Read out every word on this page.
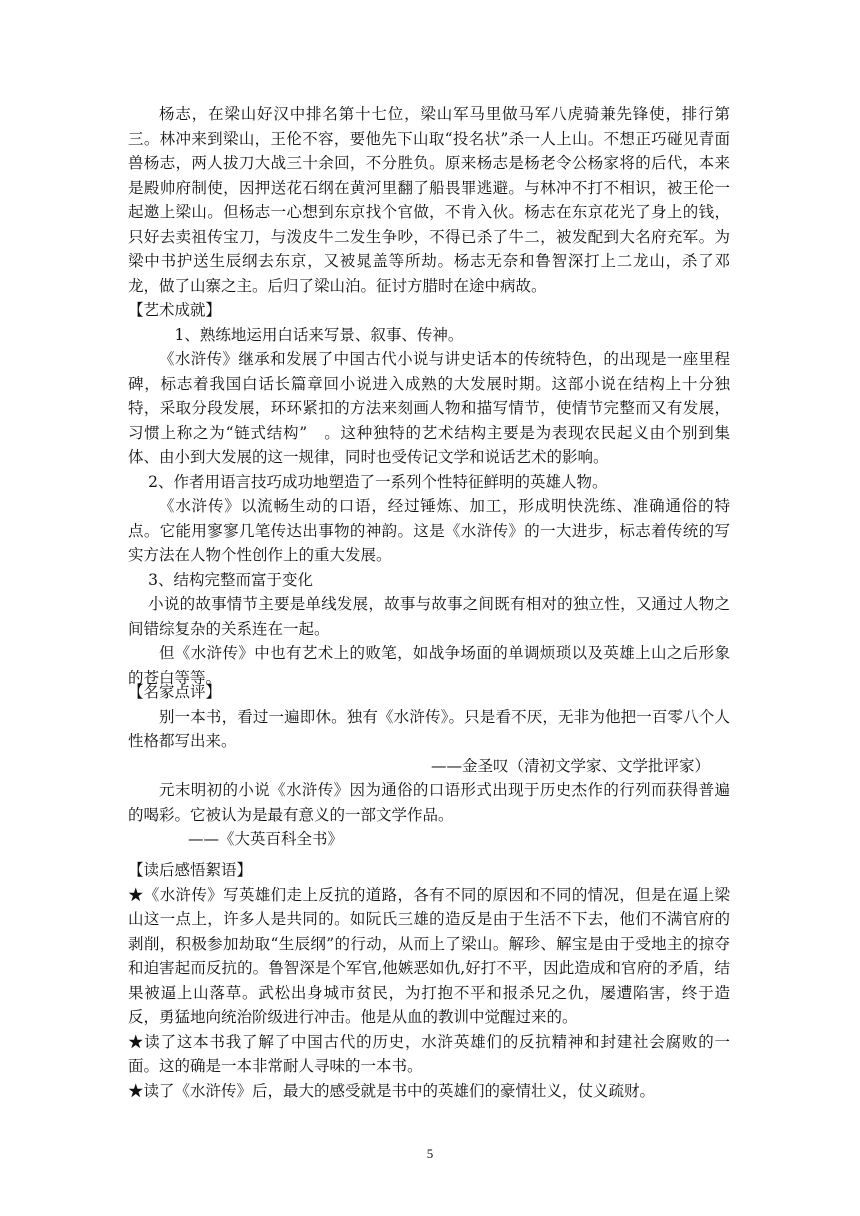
杨志，在梁山好汉中排名第十七位，梁山军马里做马军八虎骑兼先锋使，排行第三。林冲来到梁山，王伦不容，要他先下山取“投名状”杀一人上山。不想正巧碰见青面兽杨志，两人拔刀大战三十余回，不分胜负。原来杨志是杨老令公杨家将的后代，本来是殿帅府制使，因押送花石纲在黄河里翻了船畏罪逃避。与林冲不打不相识，被王伦一起邀上梁山。但杨志一心想到东京找个官做，不肯入伙。杨志在东京花光了身上的钱，只好去卖祖传宝刀，与泼皮牛二发生争吵，不得已杀了牛二，被发配到大名府充军。为梁中书护送生辰纲去东京，又被晁盖等所劫。杨志无奈和鲁智深打上二龙山，杀了邓龙，做了山寨之主。后归了梁山泊。征讨方腊时在途中病故。

【艺术成就】

1、熟练地运用白话来写景、叙事、传神。

《水浒传》继承和发展了中国古代小说与讲史话本的传统特色，的出现是一座里程碑，标志着我国白话长篇章回小说进入成熟的大发展时期。这部小说在结构上十分独特，采取分段发展，环环紧扣的方法来刻画人物和描写情节，使情节完整而又有发展，习惯上称之为“链式结构”　。这种独特的艺术结构主要是为表现农民起义由个别到集体、由小到大发展的这一规律，同时也受传记文学和说话艺术的影响。

2、作者用语言技巧成功地塑造了一系列个性特征鲜明的英雄人物。

《水浒传》以流畅生动的口语，经过锤炼、加工，形成明快洗练、准确通俗的特点。它能用寥寥几笔传达出事物的神韵。这是《水浒传》的一大进步，标志着传统的写实方法在人物个性创作上的重大发展。

3、结构完整而富于变化

小说的故事情节主要是单线发展，故事与故事之间既有相对的独立性，又通过人物之间错综复杂的关系连在一起。

但《水浒传》中也有艺术上的败笔，如战争场面的单调烦琐以及英雄上山之后形象的苍白等等。

【名家点评】

别一本书，看过一遍即休。独有《水浒传》。只是看不厌，无非为他把一百零八个人性格都写出来。

——金圣叹（清初文学家、文学批评家）

元末明初的小说《水浒传》因为通俗的口语形式出现于历史杰作的行列而获得普遍的喝彩。它被认为是最有意义的一部文学作品。

——《大英百科全书》

【读后感悟絮语】

★《水浒传》写英雄们走上反抗的道路，各有不同的原因和不同的情况，但是在逼上梁山这一点上，许多人是共同的。如阮氏三雄的造反是由于生活不下去，他们不满官府的剥削，积极参加劫取“生辰纲”的行动，从而上了梁山。解珍、解宝是由于受地主的掠夺和迫害起而反抗的。鲁智深是个军官,他嫉恶如仇,好打不平，因此造成和官府的矛盾，结果被逼上山落草。武松出身城市贫民，为打抱不平和报杀兄之仇，屡遭陷害，终于造反，勇猛地向统治阶级进行冲击。他是从血的教训中觉醒过来的。

★读了这本书我了解了中国古代的历史，水浒英雄们的反抗精神和封建社会腐败的一面。这的确是一本非常耐人寻味的一本书。

★读了《水浒传》后，最大的感受就是书中的英雄们的豪情壮义，仗义疏财。

5
